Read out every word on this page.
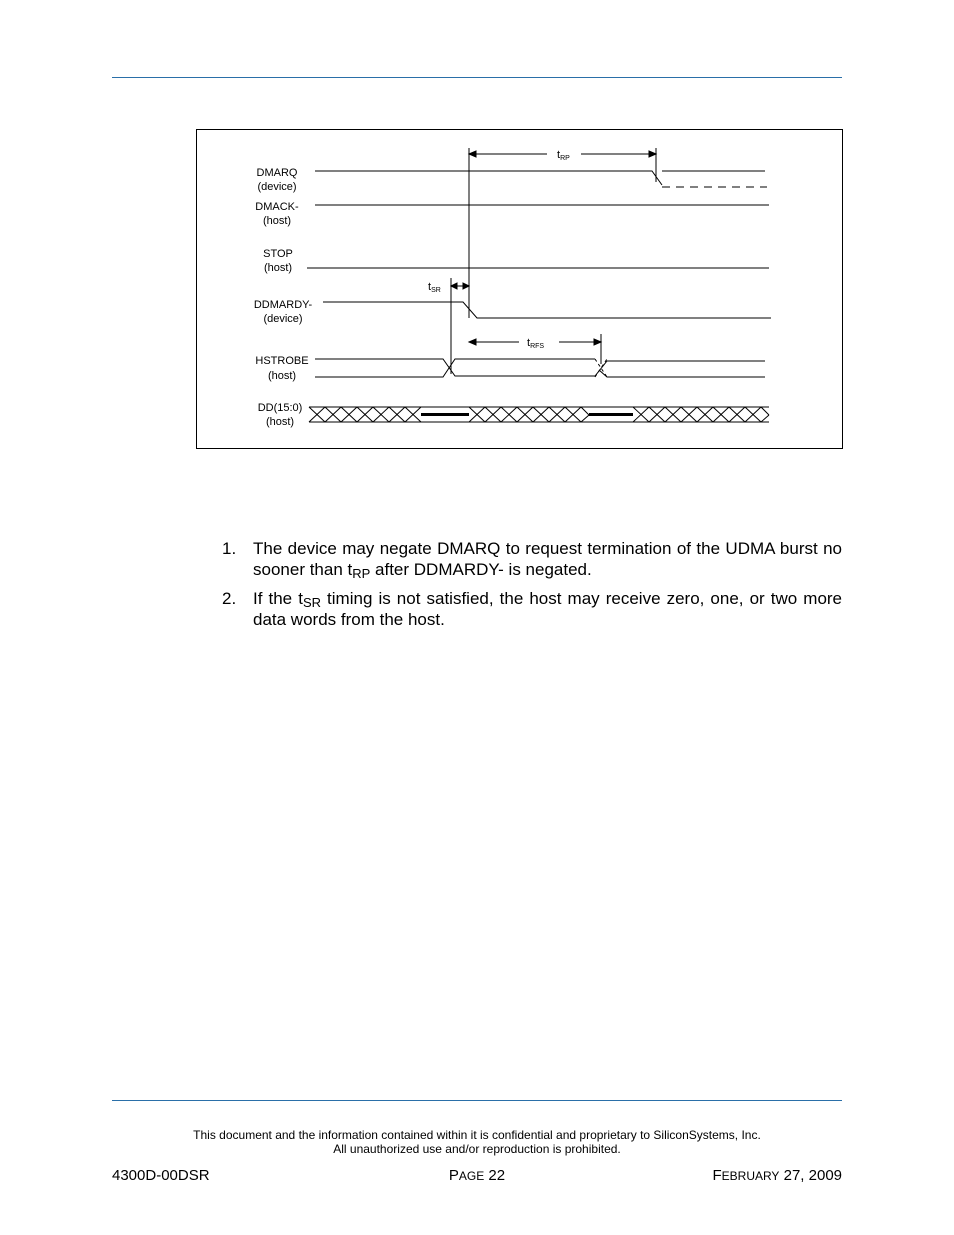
DMARQ
(device)
DMACK-
(host)
STOP
(host)
DDMARDY-
(device)
HSTROBE
(host)
DD(15:0)
(host)
tRP
tSR
tRFS
1. The device may negate DMARQ to request termination of the UDMA burst no sooner than $t_{RP}$ after DDMARDY- is negated.
2. If the $t_{SR}$ timing is not satisfied, the host may receive zero, one, or two more data words from the host.
This document and the information contained within it is confidential and proprietary to SiliconSystems, Inc.
All unauthorized use and/or reproduction is prohibited.
4300D-00DSR	PAGE 22	FEBRUARY 27, 2009
